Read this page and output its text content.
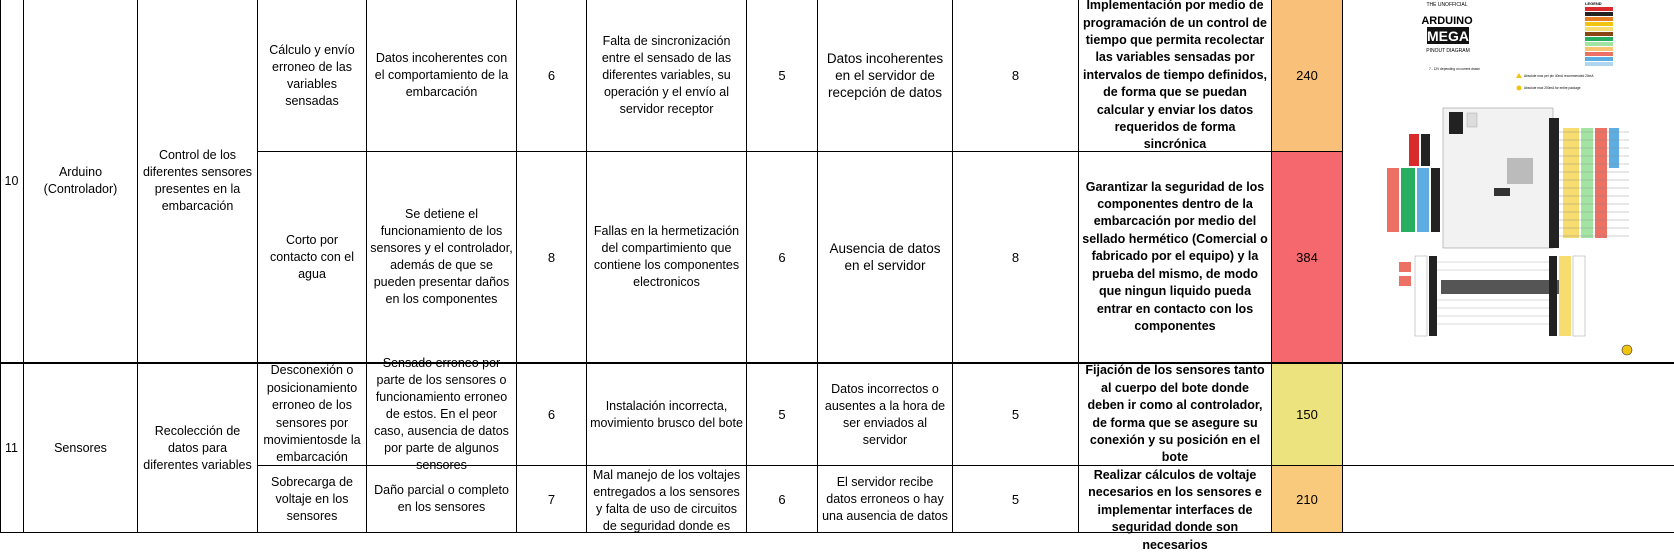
10
Arduino (Controlador)
Control de los diferentes sensores presentes en la embarcación
Cálculo y envío erroneo de las variables sensadas
Datos incoherentes con el comportamiento de la embarcación
6
Falta de sincronización entre el sensado de las diferentes variables, su operación y el envío al servidor receptor
5
Datos incoherentes en el servidor de recepción de datos
8
Implementación por medio de programación de un control de tiempo que permita recolectar las variables sensadas por intervalos de tiempo definidos, de forma que se puedan calcular y enviar los datos requeridos de forma sincrónica
240
Corto por contacto con el agua
Se detiene el funcionamiento de los sensores y el controlador, además de que se pueden presentar daños en los componentes
8
Fallas en la hermetización del compartimiento que contiene los componentes electronicos
6
Ausencia de datos en el servidor
8
Garantizar la seguridad de los componentes dentro de la embarcación por medio del sellado hermético (Comercial o fabricado por el equipo) y la prueba del mismo, de modo que ningun liquido pueda entrar en contacto con los componentes
384
11	Sensores
Recolección de datos para diferentes variables
Desconexión o posicionamiento erroneo de los sensores por movimientosde la embarcación
Sensado erroneo por parte de los sensores o funcionamiento erroneo de estos. En el peor caso, ausencia de datos por parte de algunos sensores
6
Instalación incorrecta, movimiento brusco del bote
5
Datos incorrectos o ausentes a la hora de ser enviados al servidor
5
Fijación de los sensores tanto al cuerpo del bote donde deben ir como al controlador, de forma que se asegure su conexión y su posición en el bote
150
Sobrecarga de voltaje en los sensores
Daño parcial o completo en los sensores
7
Mal manejo de los voltajes entregados a los sensores y falta de uso de circuitos de seguridad donde es
6
El servidor recibe datos erroneos o hay una ausencia de datos
5
Realizar cálculos de voltaje necesarios en los sensores e implementar interfaces de seguridad donde son necesarios
210
THE UNOFFICIAL
ARDUINO
MEGA
PINOUT DIAGRAM
LEGEND
7 - 12V depending on current drawn
Absolute max per pin 40mA recommended 20mA
Absolute max 200mA for entire package
